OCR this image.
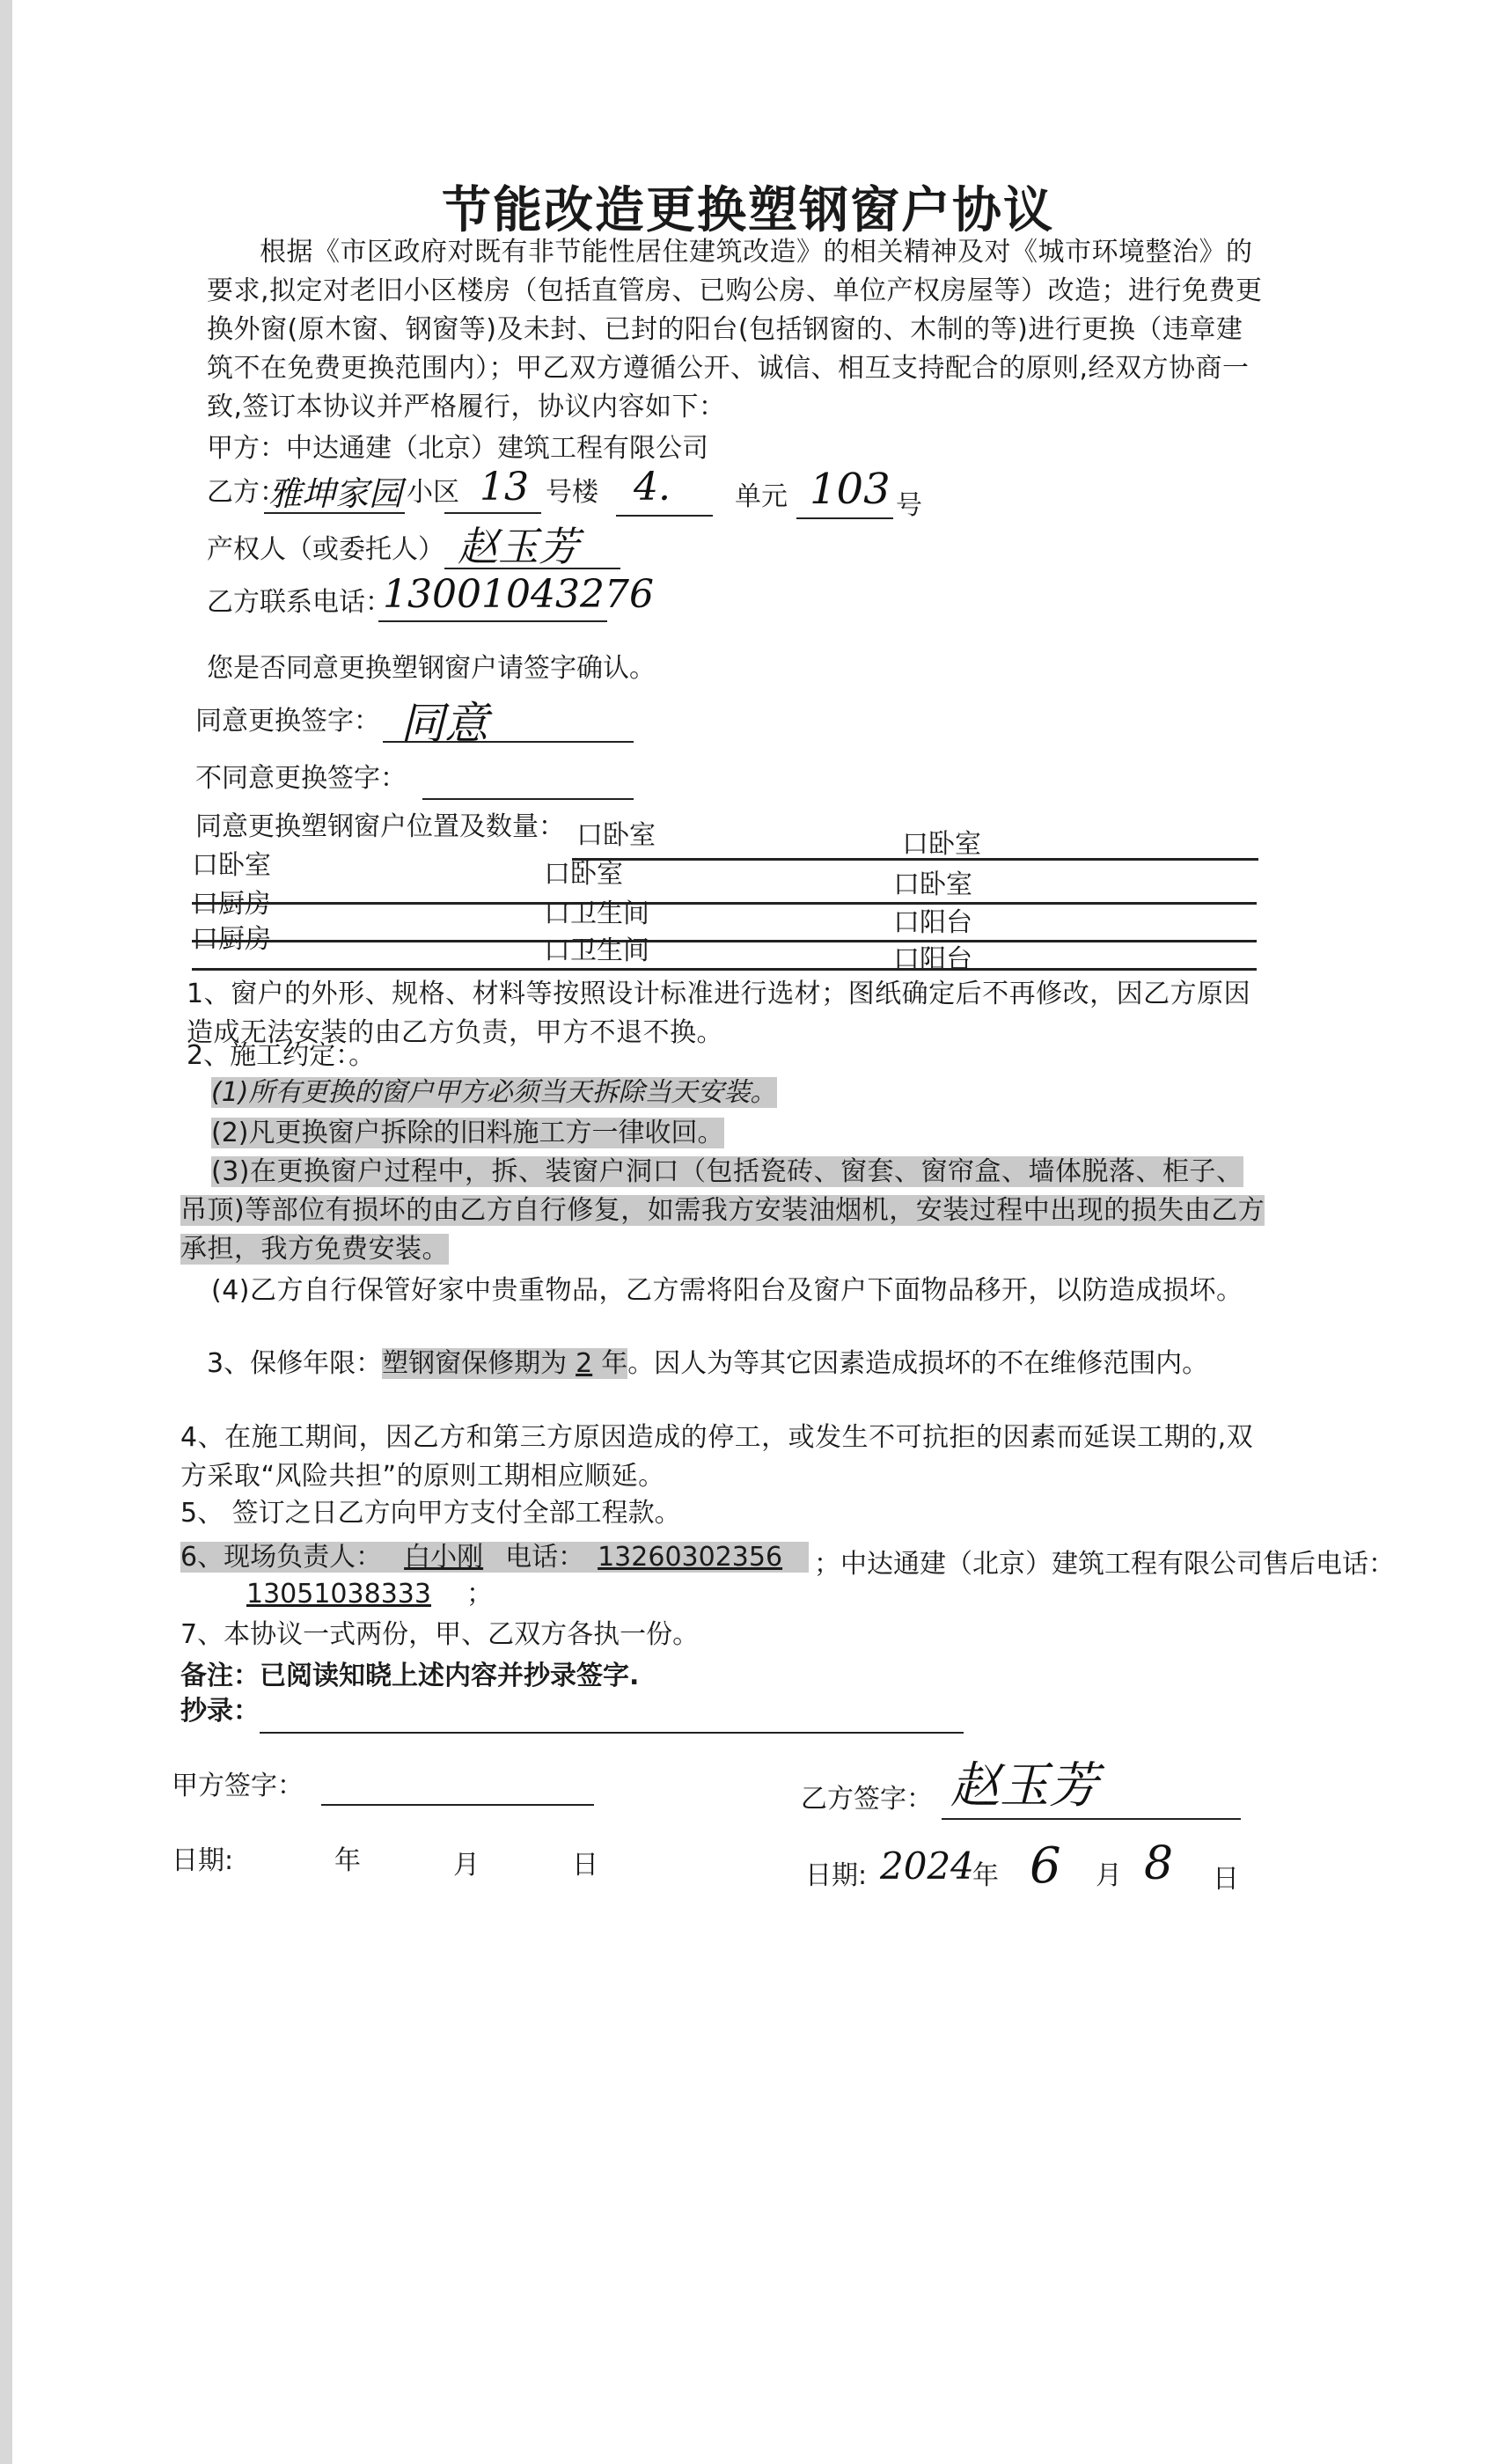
节能改造更换塑钢窗户协议
根据《市区政府对既有非节能性居住建筑改造》的相关精神及对《城市环境整治》的要求,拟定对老旧小区楼房（包括直管房、已购公房、单位产权房屋等）改造；进行免费更换外窗(原木窗、钢窗等)及未封、已封的阳台(包括钢窗的、木制的等)进行更换（违章建筑不在免费更换范围内）；甲乙双方遵循公开、诚信、相互支持配合的原则,经双方协商一致,签订本协议并严格履行，协议内容如下：
甲方：中达通建（北京）建筑工程有限公司
乙方：
雅坤家园 小区 13 号楼 4. 单元 103 号
产权人（或委托人） 赵玉芳
乙方联系电话：
13001043276
您是否同意更换塑钢窗户请签字确认。
同意更换签字： 同意
不同意更换签字：
同意更换塑钢窗户位置及数量： 口卧室	口卧室
口卧室	口卧室	口卧室
口厨房	口卫生间	口阳台
口厨房	口卫生间	口阳台
1、窗户的外形、规格、材料等按照设计标准进行选材；图纸确定后不再修改，因乙方原因造成无法安装的由乙方负责，甲方不退不换。
2、施工约定：。
(1)所有更换的窗户甲方必须当天拆除当天安装。
(2)凡更换窗户拆除的旧料施工方一律收回。
(3)在更换窗户过程中，拆、装窗户洞口（包括瓷砖、窗套、窗帘盒、墙体脱落、柜子、吊顶)等部位有损坏的由乙方自行修复，如需我方安装油烟机，安装过程中出现的损失由乙方承担，我方免费安装。
(4)乙方自行保管好家中贵重物品，乙方需将阳台及窗户下面物品移开，以防造成损坏。
3、保修年限：塑钢窗保修期为 2 年。因人为等其它因素造成损坏的不在维修范围内。
4、在施工期间，因乙方和第三方原因造成的停工，或发生不可抗拒的因素而延误工期的,双方采取“风险共担”的原则工期相应顺延。
5、 签订之日乙方向甲方支付全部工程款。
6、现场负责人： 白小刚 电话： 13260302356	；中达通建（北京）建筑工程有限公司售后电话：
13051038333 ；
7、本协议一式两份，甲、乙双方各执一份。
备注：已阅读知晓上述内容并抄录签字.
抄录：
甲方签字：	乙方签字： 赵玉芳
日期:	年	月	日	日期: 2024
年 6 月 8 日
